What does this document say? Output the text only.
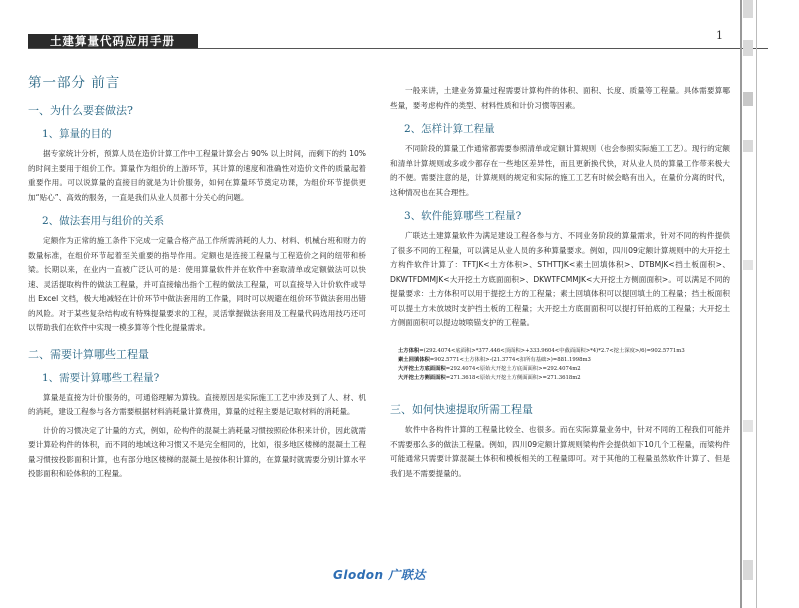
土建算量代码应用手册	1
第一部分 前言
一、为什么要套做法?
1、算量的目的
据专家统计分析，预算人员在造价计算工作中工程量计算会占 90% 以上时间，而剩下的约 10% 的时间主要用于组价工作。算量作为组价的上游环节，其计算的速度和准确性对造价文件的质量起着重要作用。可以说算量的直接目的就是为计价服务，如何在算量环节奠定功课，为组价环节提供更加“贴心”、高效的服务，一直是我们从业人员都十分关心的问题。
2、做法套用与组价的关系
定额作为正常的施工条件下完成一定量合格产品工作所需消耗的人力、材料、机械台班和财力的数量标准，在组价环节起着至关重要的指导作用。定额也是连接工程量与工程造价之间的纽带和桥梁。长期以来，在业内一直被广泛认可的是：使用算量软件并在软件中套取清单或定额做法可以快速、灵活提取构件的做法工程量，并可直接输出指个工程的做法工程量，可以直接导入计价软件或导出 Excel 文档，极大地减轻在计价环节中做法套用的工作量，同时可以规避在组价环节做法套用出错的风险。对于某些复杂结构或有特殊提量要求的工程，灵活掌握做法套用及工程量代码选用技巧还可以帮助我们在软件中实现一模多算等个性化提量需求。
二、需要计算哪些工程量
1、需要计算哪些工程量?
算量是直接为计价服务的，可通俗理解为算钱。直接原因是实际施工工艺中涉及到了人、材、机的消耗，建设工程参与各方需要根据材料消耗量计算费用，算量的过程主要是记取材料的消耗量。
计价的习惯决定了计量的方式，例如，砼构件的混凝土消耗量习惯按照砼体积来计价，因此就需要计算砼构件的体积，而不同的地域这种习惯又不是完全相同的，比如，很多地区楼梯的混凝土工程量习惯按投影面积计算，也有部分地区楼梯的混凝土是按体积计算的，在算量时就需要分别计算水平投影面积和砼体积的工程量。
一般来讲，土建业务算量过程需要计算构件的体积、面积、长度、质量等工程量。具体需要算哪些量，要考虑构件的类型、材料性质和计价习惯等因素。
2、怎样计算工程量
不同阶段的算量工作通常都需要参照清单或定额计算规则（也会参照实际施工工艺）。现行的定额和清单计算规则或多或少都存在一些地区差异性，而且更新换代快，对从业人员的算量工作带来极大的不便。需要注意的是，计算规则的规定和实际的施工工艺有时候会略有出入，在量价分离的时代，这种情况也在其合理性。
3、软件能算哪些工程量?
广联达土建算量软件为满足建设工程各参与方、不同业务阶段的算量需求，针对不同的构件提供了很多不同的工程量，可以满足从业人员的多种算量要求。例如，四川09定额计算规则中的大开挖土方构件软件计算了：TFTJK<土方体积>、STHTTJK<素土回填体积>、DTBMJK<挡土板面积>、DKWTFDMMJK<大开挖土方底面面积>、DKWTFCMMJK<大开挖土方侧面面积>。可以满足不同的提量要求：土方体积可以用于提挖土方的工程量；素土回填体积可以提回填土的工程量；挡土板面积可以提土方未放坡时支护挡土板的工程量；大开挖土方底面面积可以提打钎拍底的工程量；大开挖土方侧面面积可以提边坡喷锚支护的工程量。
土方体积=(292.4074<底面积>*377.446<顶面积>+333.9604<中截面面积>*4)*2.7<挖土深度>/6)=902.5771m3
素土回填体积=902.5771<土方体积>-(21.3774<扣所有基础>)=881.1998m3
大开挖土方底面面积=292.4074<原始大开挖土方底面面积>=292.4074m2
大开挖土方侧面面积=271.3618<原始大开挖土方侧面面积>=271.3618m2
三、如何快速提取所需工程量
软件中各构件计算的工程量比较全、也很多。而在实际算量业务中，针对不同的工程我们可能并不需要那么多的做法工程量。例如，四川09定额计算规则梁构件会提供如下10几个工程量，而梁构件可能通常只需要计算混凝土体积和模板相关的工程量即可。对于其他的工程量虽然软件计算了、但是我们是不需要提量的。
Glodon 广联达
